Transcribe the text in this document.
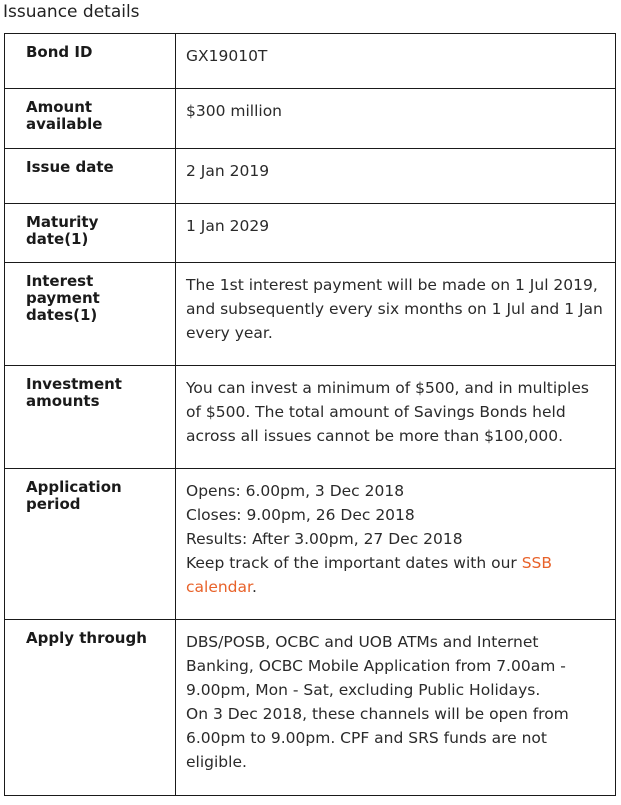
Issuance details
Bond ID	GX19010T
Amount available	$300 million
Issue date	2 Jan 2019
Maturity date(1)	1 Jan 2029
Interest payment dates(1)	The 1st interest payment will be made on 1 Jul 2019, and subsequently every six months on 1 Jul and 1 Jan every year.
Investment amounts	You can invest a minimum of $500, and in multiples of $500. The total amount of Savings Bonds held across all issues cannot be more than $100,000.
Application period	Opens: 6.00pm, 3 Dec 2018
Closes: 9.00pm, 26 Dec 2018
Results: After 3.00pm, 27 Dec 2018
Keep track of the important dates with our SSB calendar.

Apply through	DBS/POSB, OCBC and UOB ATMs and Internet Banking, OCBC Mobile Application from 7.00am - 9.00pm, Mon - Sat, excluding Public Holidays.
On 3 Dec 2018, these channels will be open from 6.00pm to 9.00pm. CPF and SRS funds are not eligible.
